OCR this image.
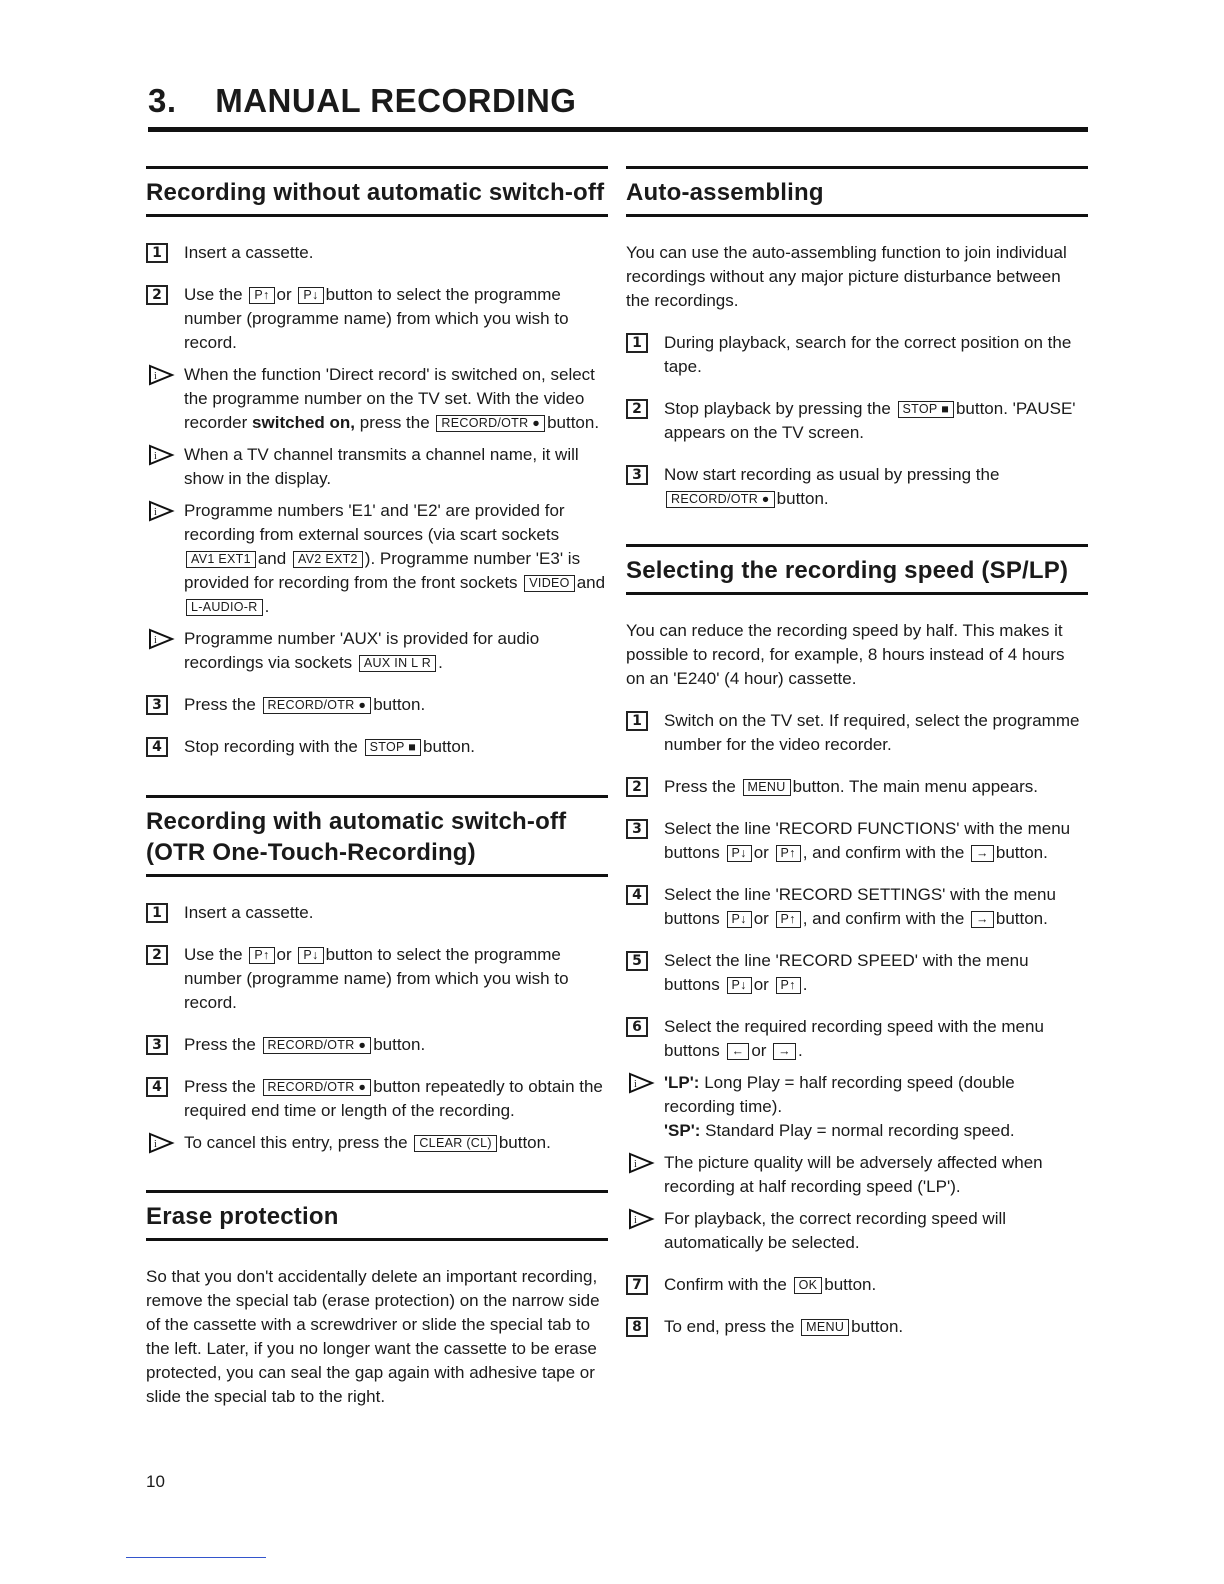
3. MANUAL RECORDING
Recording without automatic switch-off
1	Insert a cassette.
2	Use the P↑ or P↓ button to select the programme number (programme name) from which you wish to record.
i When the function 'Direct record' is switched on, select the programme number on the TV set. With the video recorder switched on, press the RECORD/OTR ● button.
i When a TV channel transmits a channel name, it will show in the display.
i Programme numbers 'E1' and 'E2' are provided for recording from external sources (via scart sockets AV1 EXT1 and AV2 EXT2 ). Programme number 'E3' is provided for recording from the front sockets VIDEO and L-AUDIO-R .
i Programme number 'AUX' is provided for audio recordings via sockets AUX IN L R .
3	Press the RECORD/OTR ● button.
4	Stop recording with the STOP ■ button.
Recording with automatic switch-off
(OTR One-Touch-Recording)
1	Insert a cassette.
2	Use the P↑ or P↓ button to select the programme number (programme name) from which you wish to record.
3	Press the RECORD/OTR ● button.
4	Press the RECORD/OTR ● button repeatedly to obtain the required end time or length of the recording.
i To cancel this entry, press the CLEAR (CL) button.
Erase protection

So that you don't accidentally delete an important recording, remove the special tab (erase protection) on the narrow side of the cassette with a screwdriver or slide the special tab to the left. Later, if you no longer want the cassette to be erase protected, you can seal the gap again with adhesive tape or slide the special tab to the right.

Auto-assembling

You can use the auto-assembling function to join individual recordings without any major picture disturbance between the recordings.

1	During playback, search for the correct position on the tape.
2	Stop playback by pressing the STOP ■ button. 'PAUSE' appears on the TV screen.
3	Now start recording as usual by pressing the RECORD/OTR ● button.
Selecting the recording speed (SP/LP)

You can reduce the recording speed by half. This makes it possible to record, for example, 8 hours instead of 4 hours on an 'E240' (4 hour) cassette.

1	Switch on the TV set. If required, select the programme number for the video recorder.
2	Press the MENU button. The main menu appears.
3	Select the line 'RECORD FUNCTIONS' with the menu buttons P↓ or P↑ , and confirm with the → button.
4	Select the line 'RECORD SETTINGS' with the menu buttons P↓ or P↑ , and confirm with the → button.
5	Select the line 'RECORD SPEED' with the menu buttons P↓ or P↑ .
6	Select the required recording speed with the menu buttons ← or → .
i 'LP': Long Play = half recording speed (double recording time).
'SP': Standard Play = normal recording speed.
i The picture quality will be adversely affected when recording at half recording speed ('LP').
i For playback, the correct recording speed will automatically be selected.
7	Confirm with the OK button.
8	To end, press the MENU button.
10
